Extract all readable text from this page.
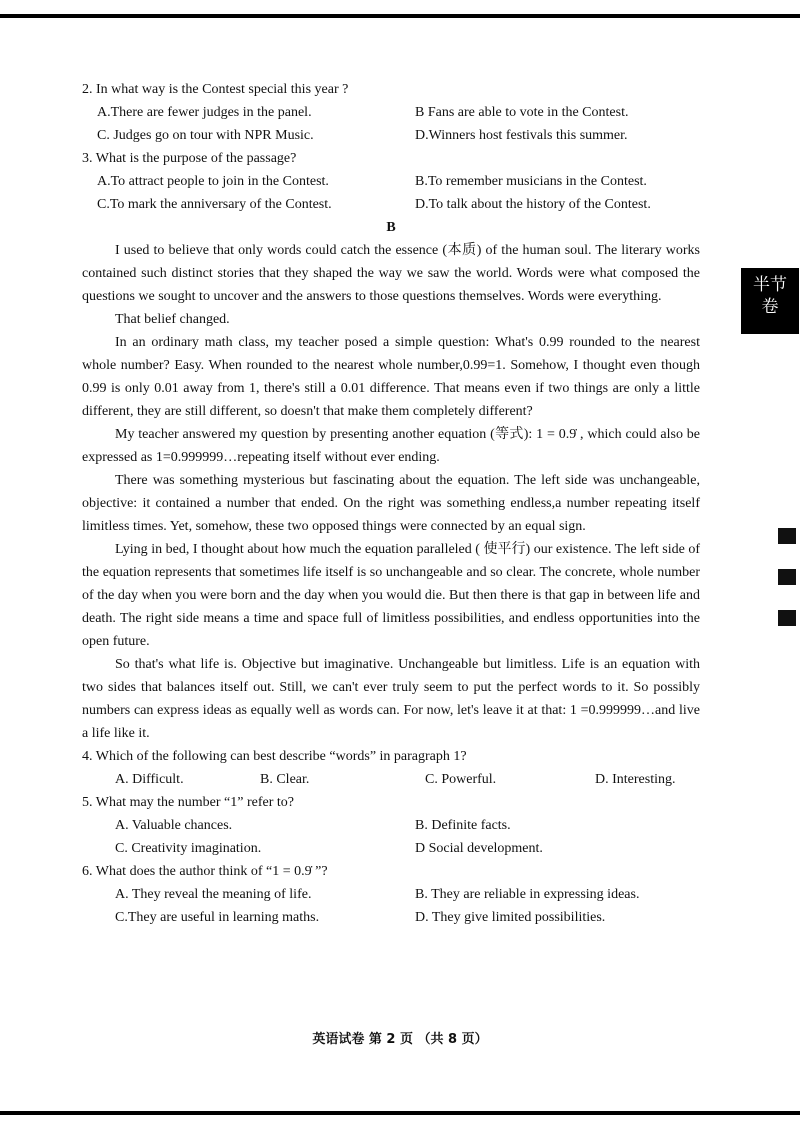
半节
卷

2. In what way is the Contest special this year ?

A.There are fewer judges in the panel.	B Fans are able to vote in the Contest.
C. Judges go on tour with NPR Music.	D.Winners host festivals this summer.

3. What is the purpose of the passage?

A.To attract people to join in the Contest.	B.To remember musicians in the Contest.
C.To mark the anniversary of the Contest.	D.To talk about the history of the Contest.

B

I used to believe that only words could catch the essence (本质) of the human soul. The literary works contained such distinct stories that they shaped the way we saw the world. Words were what composed the questions we sought to uncover and the answers to those questions themselves. Words were everything.

That belief changed.

In an ordinary math class, my teacher posed a simple question: What's 0.99 rounded to the nearest whole number? Easy. When rounded to the nearest whole number,0.99=1. Somehow, I thought even though 0.99 is only 0.01 away from 1, there's still a 0.01 difference. That means even if two things are only a little different, they are still different, so doesn't that make them completely different?

My teacher answered my question by presenting another equation (等式): 1 = 0.9̇ , which could also be expressed as 1=0.999999…repeating itself without ever ending.

There was something mysterious but fascinating about the equation. The left side was unchangeable, objective: it contained a number that ended. On the right was something endless,a number repeating itself limitless times. Yet, somehow, these two opposed things were connected by an equal sign.

Lying in bed, I thought about how much the equation paralleled ( 使平行) our existence. The left side of the equation represents that sometimes life itself is so unchangeable and so clear. The concrete, whole number of the day when you were born and the day when you would die. But then there is that gap in between life and death. The right side means a time and space full of limitless possibilities, and endless opportunities into the open future.

So that's what life is. Objective but imaginative. Unchangeable but limitless. Life is an equation with two sides that balances itself out. Still, we can't ever truly seem to put the perfect words to it. So possibly numbers can express ideas as equally well as words can. For now, let's leave it at that: 1 =0.999999…and live a life like it.

4. Which of the following can best describe “words” in paragraph 1?

A. Difficult.	B. Clear.	C. Powerful.	D. Interesting.

5. What may the number “1” refer to?

A. Valuable chances.	B. Definite facts.
C. Creativity imagination.	D Social development.

6. What does the author think of “1 = 0.9̇ ”?

A. They reveal the meaning of life.	B. They are reliable in expressing ideas.
C.They are useful in learning maths.	D. They give limited possibilities.
英语试卷 第 2 页 （共 8 页）
